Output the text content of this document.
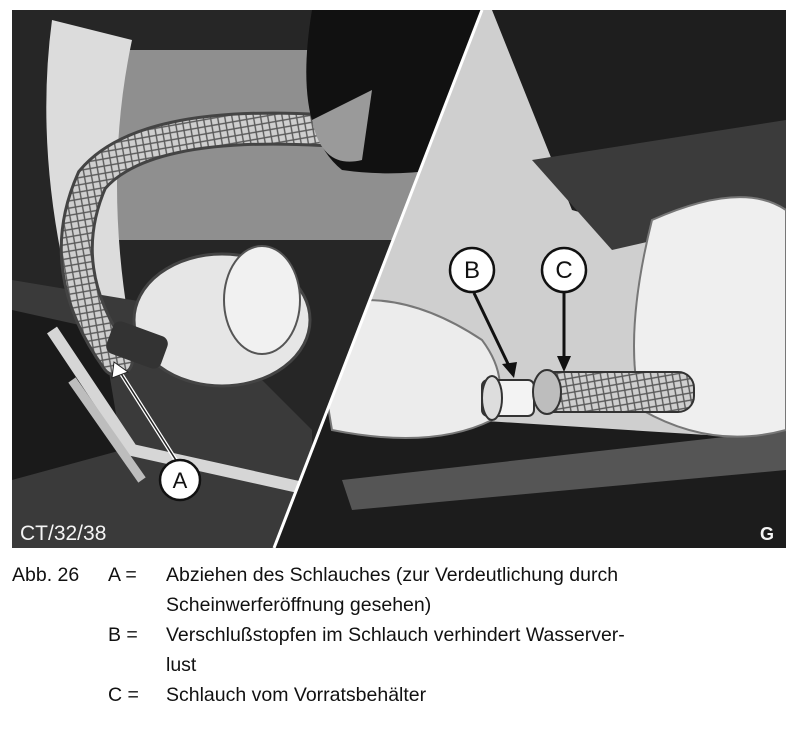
A
B	C
CT/32/38	G
Abb. 26	A =	Abziehen des Schlauches (zur Verdeutlichung durch
Scheinwerferöffnung gesehen)
B =	Verschlußstopfen im Schlauch verhindert Wasserver-
lust
C =	Schlauch vom Vorratsbehälter
